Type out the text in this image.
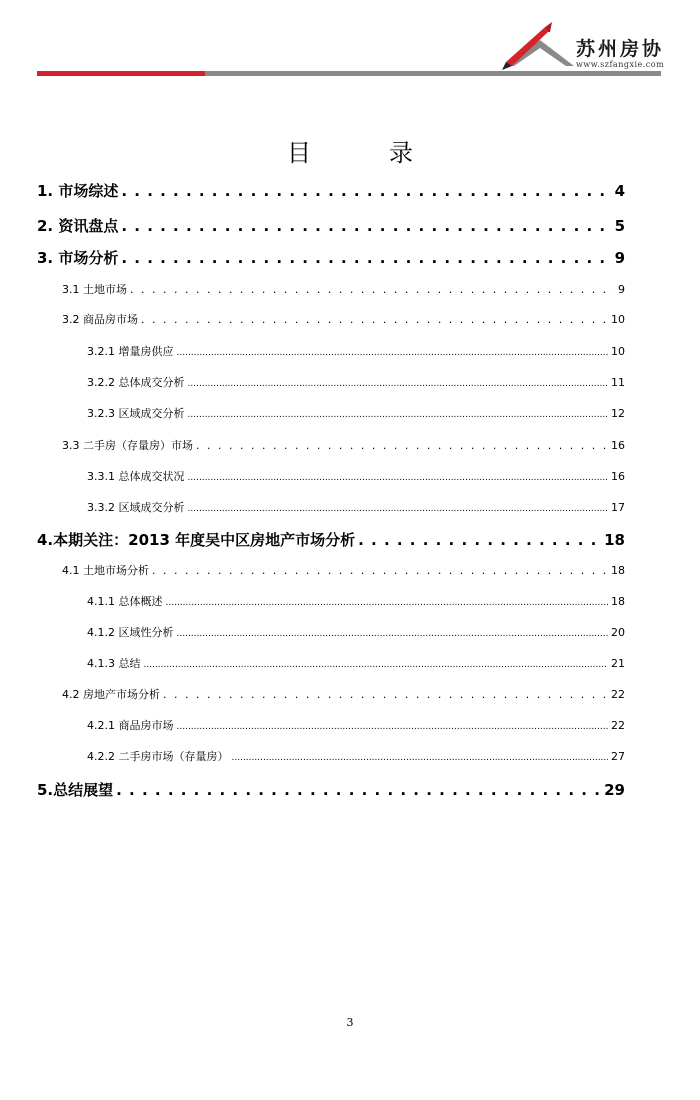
苏州房协
www.szfangxie.com
目	录
1. 市场综述 . . .	4
2. 资讯盘点 . . .	5
3. 市场分析 . . .	9
3.1 土地市场 . . .	9
3.2 商品房市场 . . .	10
3.2.1 增量房供应 .....	10
3.2.2 总体成交分析 .....	11
3.2.3 区域成交分析 .....	12
3.3 二手房（存量房）市场 . . .	16
3.3.1 总体成交状况 .....	16
3.3.2 区域成交分析 .....	17
4.本期关注：2013 年度吴中区房地产市场分析 . . .	18
4.1 土地市场分析 . . .	18
4.1.1 总体概述 .....	18
4.1.2 区域性分析 .....	20
4.1.3 总结 .....	21
4.2 房地产市场分析 . . .	22
4.2.1 商品房市场 .....	22
4.2.2 二手房市场（存量房） .....	27
5.总结展望 . . .	29
3
